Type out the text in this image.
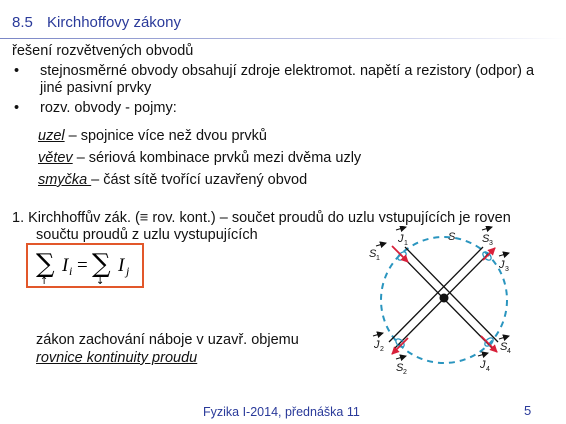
8.5 Kirchhoffovy zákony
řešení rozvětvených obvodů
•	stejnosměrné obvody obsahují zdroje elektromot. napětí a rezistory (odpor) a jiné pasivní prvky
•	rozv. obvody - pojmy:
uzel – spojnice více než dvou prvků
větev – sériová kombinace prvků mezi dvěma uzly
smyčka – část sítě tvořící uzavřený obvod
1. Kirchhoffův zák. (≡ rov. kont.) – součet proudů do uzlu vstupujících je roven
součtu proudů z uzlu vystupujících
∑ I i = ∑ I j
↑	↓
zákon zachování náboje v uzavř. objemu
rovnice kontinuity proudu
S
J 1
S 1
S 3
J 3
J 2
S 2
S 4
J 4
Fyzika I-2014, přednáška 11	5
